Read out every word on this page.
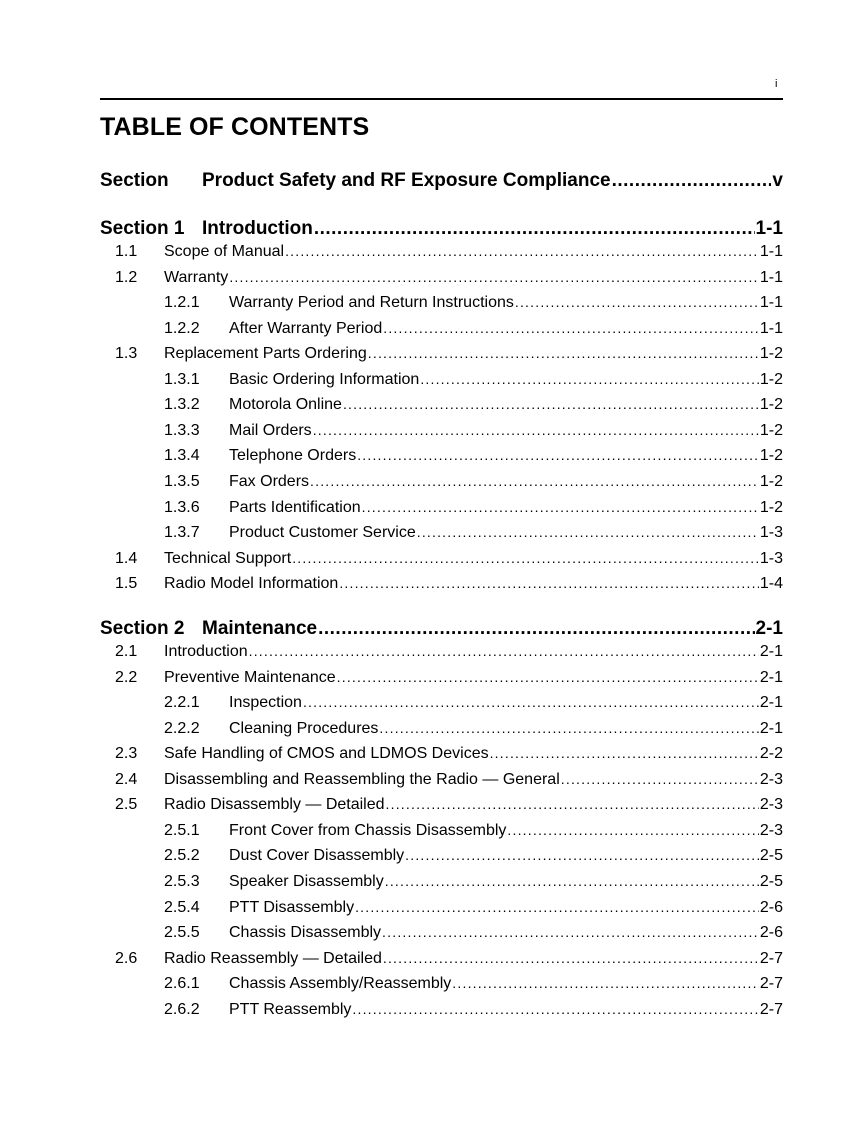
i
TABLE OF CONTENTS
Section	Product Safety and RF Exposure Compliance .....	v
Section 1 Introduction .....	1-1
1.1	Scope of Manual .....	1-1
1.2	Warranty .....	1-1
1.2.1	Warranty Period and Return Instructions .....	1-1
1.2.2	After Warranty Period .....	1-1
1.3	Replacement Parts Ordering .....	1-2
1.3.1	Basic Ordering Information .....	1-2
1.3.2	Motorola Online .....	1-2
1.3.3	Mail Orders .....	1-2
1.3.4	Telephone Orders .....	1-2
1.3.5	Fax Orders .....	1-2
1.3.6	Parts Identification .....	1-2
1.3.7	Product Customer Service .....	1-3
1.4	Technical Support .....	1-3
1.5	Radio Model Information .....	1-4
Section 2 Maintenance .....	2-1
2.1	Introduction .....	2-1
2.2	Preventive Maintenance .....	2-1
2.2.1	Inspection .....	2-1
2.2.2	Cleaning Procedures .....	2-1
2.3	Safe Handling of CMOS and LDMOS Devices .....	2-2
2.4	Disassembling and Reassembling the Radio — General .....	2-3
2.5	Radio Disassembly — Detailed .....	2-3
2.5.1	Front Cover from Chassis Disassembly .....	2-3
2.5.2	Dust Cover Disassembly .....	2-5
2.5.3	Speaker Disassembly .....	2-5
2.5.4	PTT Disassembly .....	2-6
2.5.5	Chassis Disassembly .....	2-6
2.6	Radio Reassembly — Detailed .....	2-7
2.6.1	Chassis Assembly/Reassembly .....	2-7
2.6.2	PTT Reassembly .....	2-7
